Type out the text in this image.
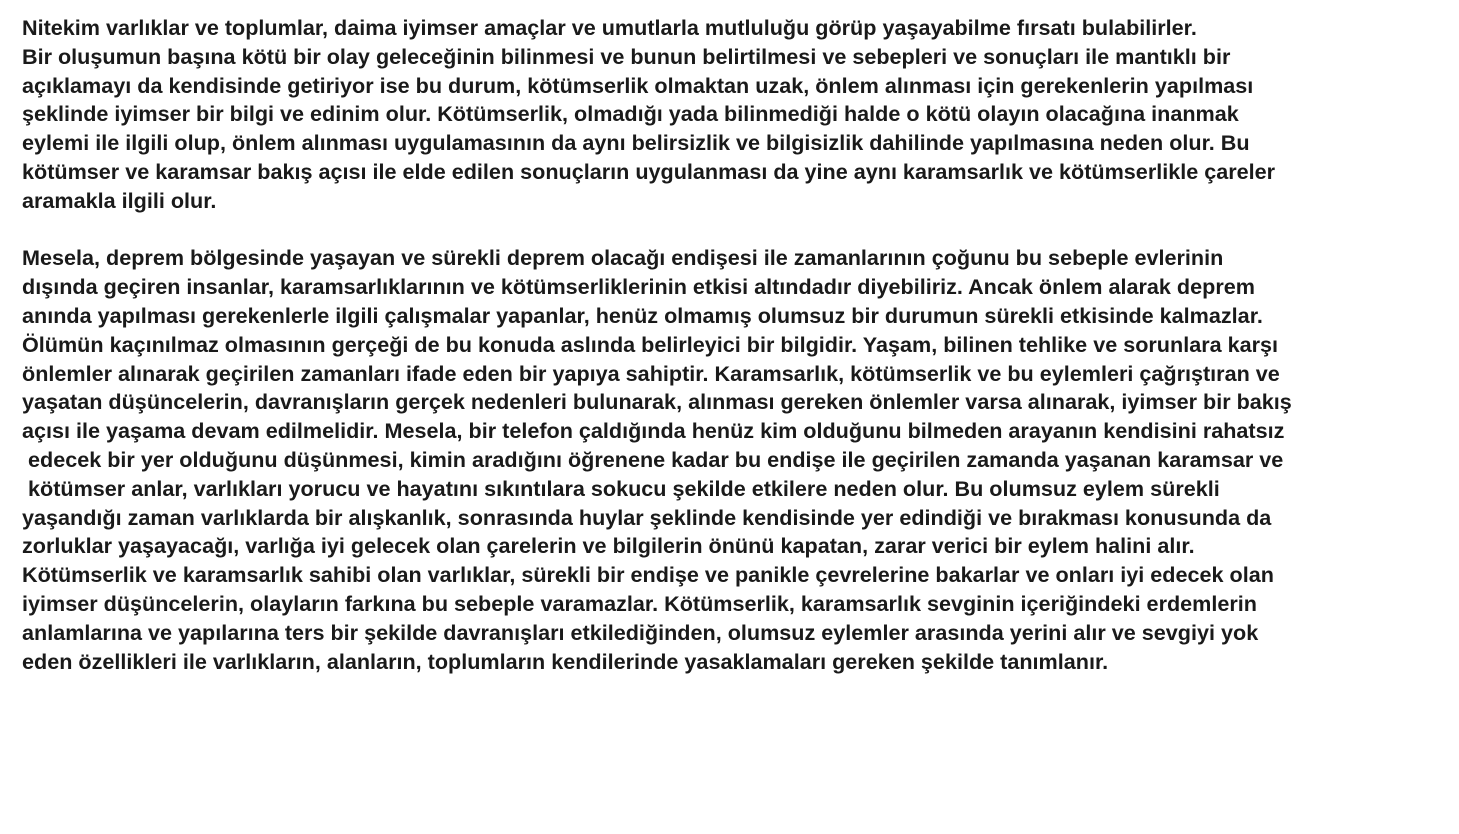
Nitekim varlıklar ve toplumlar, daima iyimser amaçlar ve umutlarla mutluluğu görüp yaşayabilme fırsatı bulabilirler.
Bir oluşumun başına kötü bir olay geleceğinin bilinmesi ve bunun belirtilmesi ve sebepleri ve sonuçları ile mantıklı bir
açıklamayı da kendisinde getiriyor ise bu durum, kötümserlik olmaktan uzak, önlem alınması için gerekenlerin yapılması
şeklinde iyimser bir bilgi ve edinim olur. Kötümserlik, olmadığı yada bilinmediği halde o kötü olayın olacağına inanmak
eylemi ile ilgili olup, önlem alınması uygulamasının da aynı belirsizlik ve bilgisizlik dahilinde yapılmasına neden olur. Bu
kötümser ve karamsar bakış açısı ile elde edilen sonuçların uygulanması da yine aynı karamsarlık ve kötümserlikle çareler
aramakla ilgili olur.
Mesela, deprem bölgesinde yaşayan ve sürekli deprem olacağı endişesi ile zamanlarının çoğunu bu sebeple evlerinin
dışında geçiren insanlar, karamsarlıklarının ve kötümserliklerinin etkisi altındadır diyebiliriz. Ancak önlem alarak deprem
anında yapılması gerekenlerle ilgili çalışmalar yapanlar, henüz olmamış olumsuz bir durumun sürekli etkisinde kalmazlar.
Ölümün kaçınılmaz olmasının gerçeği de bu konuda aslında belirleyici bir bilgidir. Yaşam, bilinen tehlike ve sorunlara karşı
önlemler alınarak geçirilen zamanları ifade eden bir yapıya sahiptir. Karamsarlık, kötümserlik ve bu eylemleri çağrıştıran ve
yaşatan düşüncelerin, davranışların gerçek nedenleri bulunarak, alınması gereken önlemler varsa alınarak, iyimser bir bakış
açısı ile yaşama devam edilmelidir. Mesela, bir telefon çaldığında henüz kim olduğunu bilmeden arayanın kendisini rahatsız
edecek bir yer olduğunu düşünmesi, kimin aradığını öğrenene kadar bu endişe ile geçirilen zamanda yaşanan karamsar ve
kötümser anlar, varlıkları yorucu ve hayatını sıkıntılara sokucu şekilde etkilere neden olur. Bu olumsuz eylem sürekli
yaşandığı zaman varlıklarda bir alışkanlık, sonrasında huylar şeklinde kendisinde yer edindiği ve bırakması konusunda da
zorluklar yaşayacağı, varlığa iyi gelecek olan çarelerin ve bilgilerin önünü kapatan, zarar verici bir eylem halini alır.
Kötümserlik ve karamsarlık sahibi olan varlıklar, sürekli bir endişe ve panikle çevrelerine bakarlar ve onları iyi edecek olan
iyimser düşüncelerin, olayların farkına bu sebeple varamazlar. Kötümserlik, karamsarlık sevginin içeriğindeki erdemlerin
anlamlarına ve yapılarına ters bir şekilde davranışları etkilediğinden, olumsuz eylemler arasında yerini alır ve sevgiyi yok
eden özellikleri ile varlıkların, alanların, toplumların kendilerinde yasaklamaları gereken şekilde tanımlanır.
